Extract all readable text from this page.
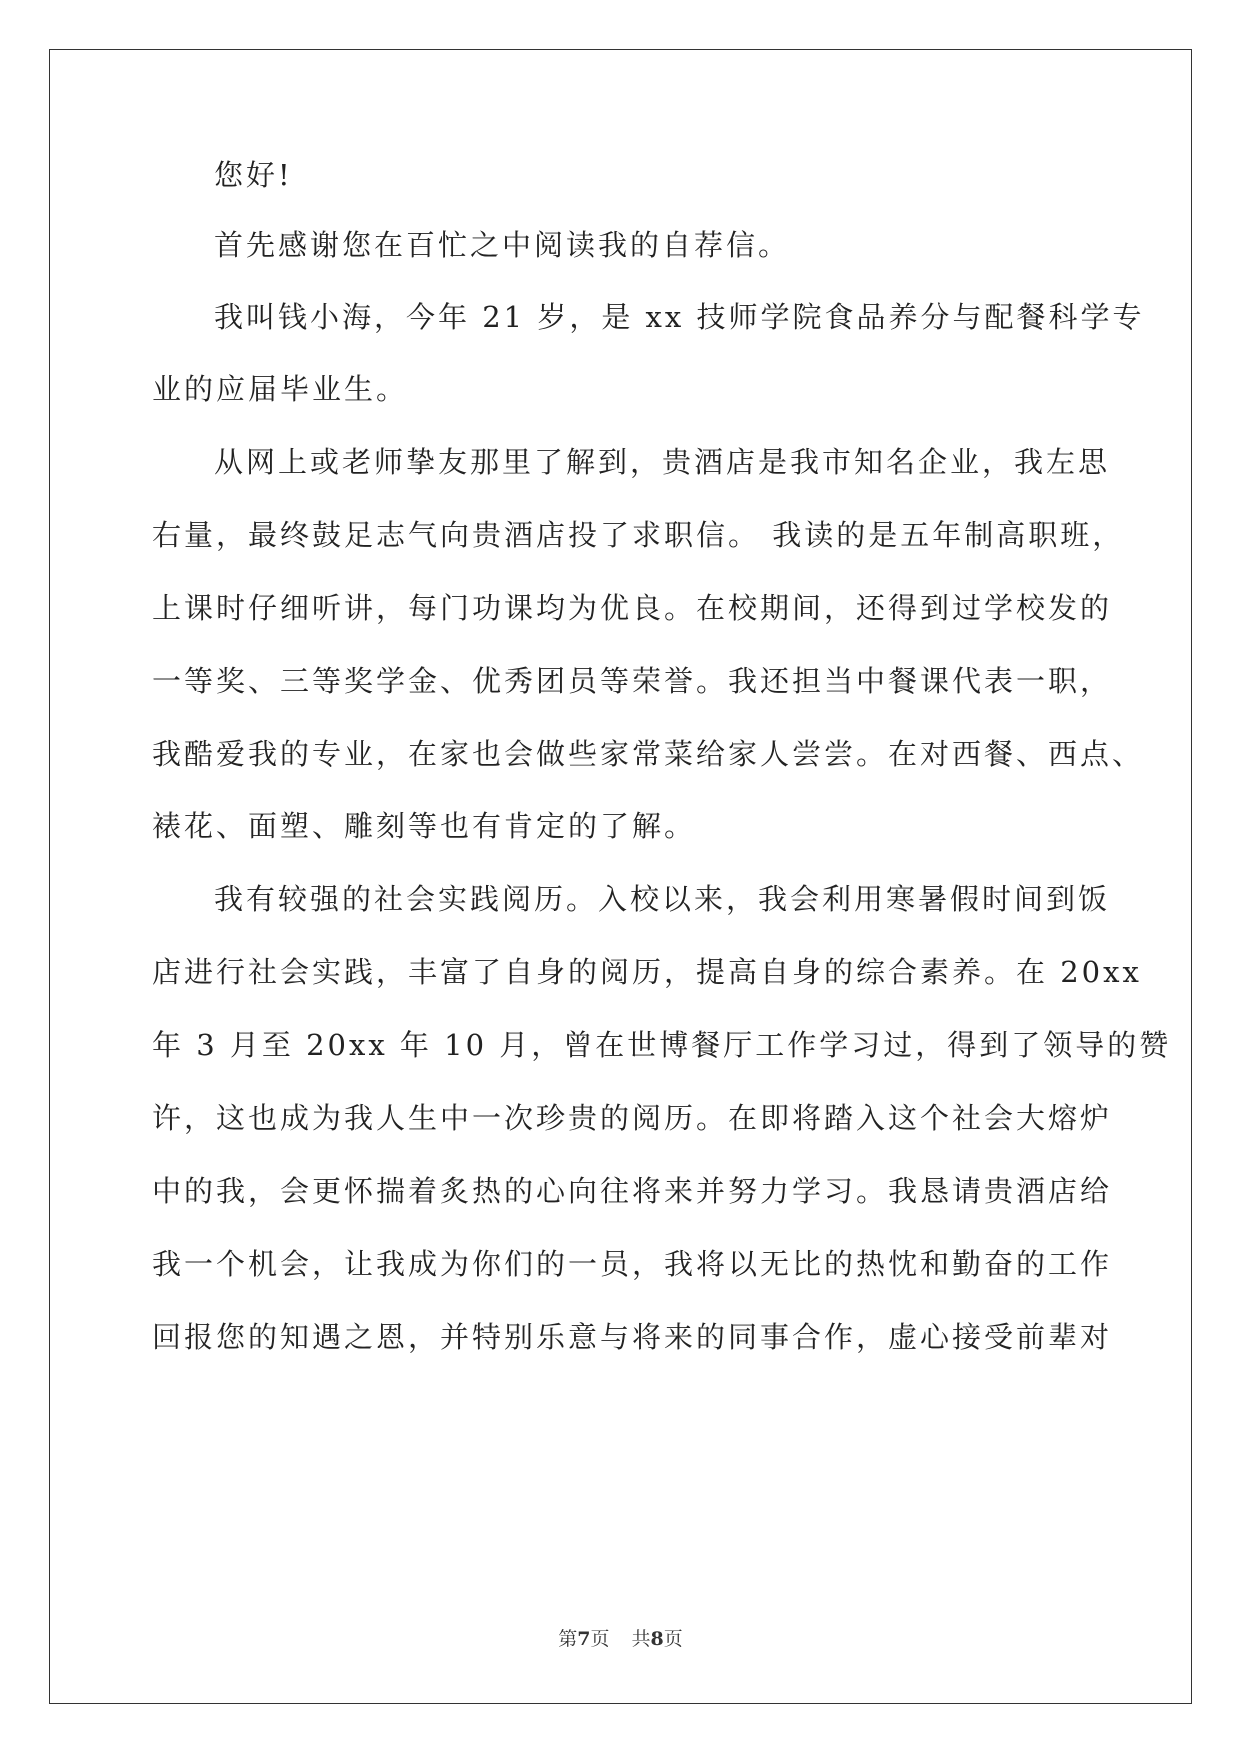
您好!

首先感谢您在百忙之中阅读我的自荐信。

我叫钱小海，今年 21 岁，是 xx 技师学院食品养分与配餐科学专

业的应届毕业生。

从网上或老师挚友那里了解到，贵酒店是我市知名企业，我左思

右量，最终鼓足志气向贵酒店投了求职信。 我读的是五年制高职班，

上课时仔细听讲，每门功课均为优良。在校期间，还得到过学校发的

一等奖、三等奖学金、优秀团员等荣誉。我还担当中餐课代表一职，

我酷爱我的专业，在家也会做些家常菜给家人尝尝。在对西餐、西点、

裱花、面塑、雕刻等也有肯定的了解。

我有较强的社会实践阅历。入校以来，我会利用寒暑假时间到饭

店进行社会实践，丰富了自身的阅历，提高自身的综合素养。在 20xx

年 3 月至 20xx 年 10 月，曾在世博餐厅工作学习过，得到了领导的赞

许，这也成为我人生中一次珍贵的阅历。在即将踏入这个社会大熔炉

中的我，会更怀揣着炙热的心向往将来并努力学习。我恳请贵酒店给

我一个机会，让我成为你们的一员，我将以无比的热忱和勤奋的工作

回报您的知遇之恩，并特别乐意与将来的同事合作，虚心接受前辈对

第7页 共8页
